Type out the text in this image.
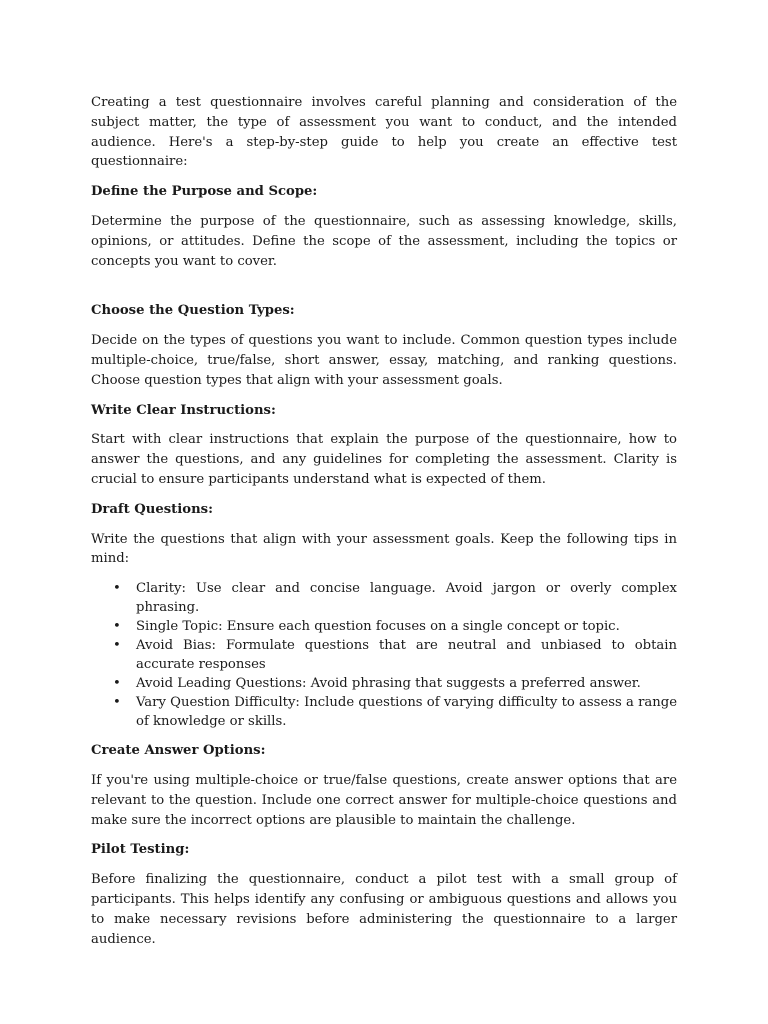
Creating a test questionnaire involves careful planning and consideration of the subject matter, the type of assessment you want to conduct, and the intended audience. Here's a step-by-step guide to help you create an effective test questionnaire:

Define the Purpose and Scope:

Determine the purpose of the questionnaire, such as assessing knowledge, skills, opinions, or attitudes. Define the scope of the assessment, including the topics or concepts you want to cover.

Choose the Question Types:

Decide on the types of questions you want to include. Common question types include multiple-choice, true/false, short answer, essay, matching, and ranking questions. Choose question types that align with your assessment goals.

Write Clear Instructions:

Start with clear instructions that explain the purpose of the questionnaire, how to answer the questions, and any guidelines for completing the assessment. Clarity is crucial to ensure participants understand what is expected of them.

Draft Questions:

Write the questions that align with your assessment goals. Keep the following tips in mind:

• Clarity: Use clear and concise language. Avoid jargon or overly complex phrasing.
• Single Topic: Ensure each question focuses on a single concept or topic.
• Avoid Bias: Formulate questions that are neutral and unbiased to obtain accurate responses
• Avoid Leading Questions: Avoid phrasing that suggests a preferred answer.
• Vary Question Difficulty: Include questions of varying difficulty to assess a range of knowledge or skills.

Create Answer Options:

If you're using multiple-choice or true/false questions, create answer options that are relevant to the question. Include one correct answer for multiple-choice questions and make sure the incorrect options are plausible to maintain the challenge.

Pilot Testing:

Before finalizing the questionnaire, conduct a pilot test with a small group of participants. This helps identify any confusing or ambiguous questions and allows you to make necessary revisions before administering the questionnaire to a larger audience.
